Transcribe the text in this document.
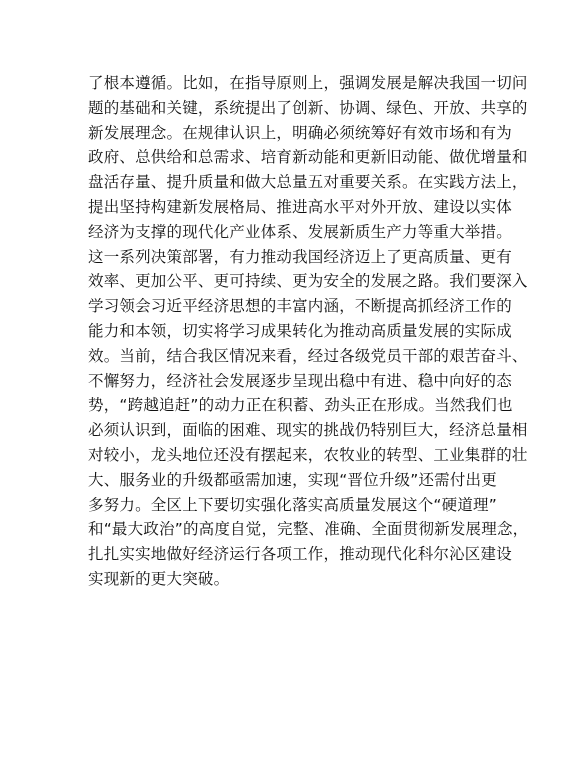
了根本遵循。比如，在指导原则上，强调发展是解决我国一切问
题的基础和关键，系统提出了创新、协调、绿色、开放、共享的
新发展理念。在规律认识上，明确必须统筹好有效市场和有为
政府、总供给和总需求、培育新动能和更新旧动能、做优增量和
盘活存量、提升质量和做大总量五对重要关系。在实践方法上，
提出坚持构建新发展格局、推进高水平对外开放、建设以实体
经济为支撑的现代化产业体系、发展新质生产力等重大举措。
这一系列决策部署，有力推动我国经济迈上了更高质量、更有
效率、更加公平、更可持续、更为安全的发展之路。我们要深入
学习领会习近平经济思想的丰富内涵，不断提高抓经济工作的
能力和本领，切实将学习成果转化为推动高质量发展的实际成
效。当前，结合我区情况来看，经过各级党员干部的艰苦奋斗、
不懈努力，经济社会发展逐步呈现出稳中有进、稳中向好的态
势，“跨越追赶”的动力正在积蓄、劲头正在形成。当然我们也
必须认识到，面临的困难、现实的挑战仍特别巨大，经济总量相
对较小，龙头地位还没有摆起来，农牧业的转型、工业集群的壮
大、服务业的升级都亟需加速，实现“晋位升级”还需付出更
多努力。全区上下要切实强化落实高质量发展这个“硬道理”
和“最大政治”的高度自觉，完整、准确、全面贯彻新发展理念，
扎扎实实地做好经济运行各项工作，推动现代化科尔沁区建设
实现新的更大突破。
